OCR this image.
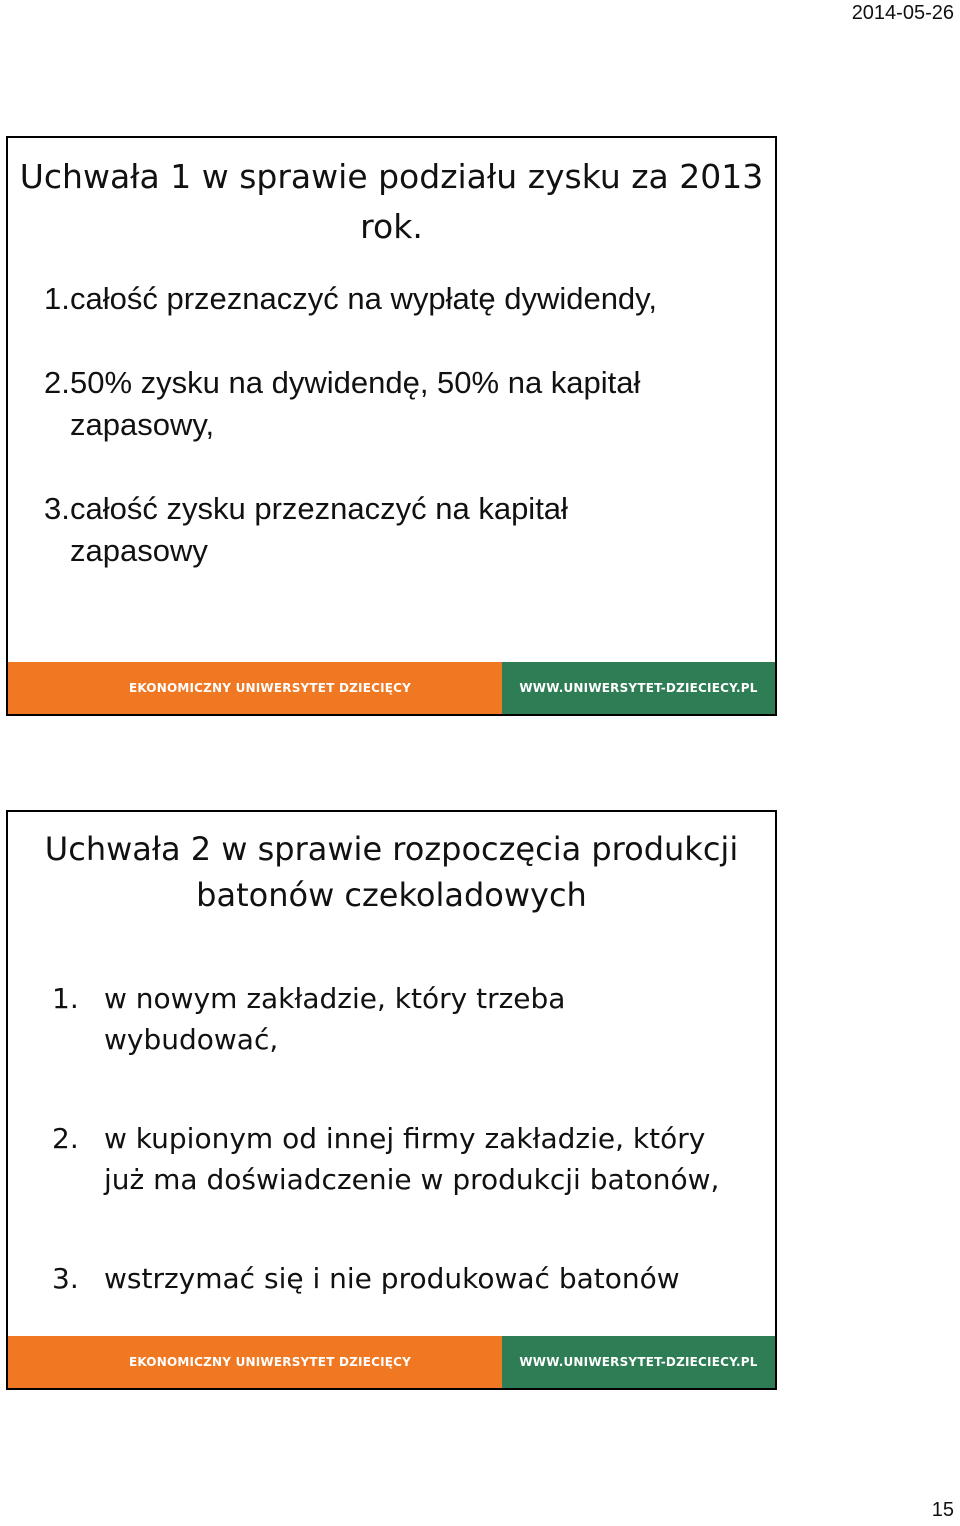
2014-05-26
Uchwała 1 w sprawie podziału zysku za 2013
rok.
1. całość przeznaczyć na wypłatę dywidendy,
2. 50% zysku na dywidendę, 50% na kapitał zapasowy,
3. całość zysku przeznaczyć na kapitał zapasowy
EKONOMICZNY UNIWERSYTET DZIECIĘCY	WWW.UNIWERSYTET-DZIECIECY.PL
Uchwała 2 w sprawie rozpoczęcia produkcji
batonów czekoladowych
1. w nowym zakładzie, który trzeba wybudować,
2. w kupionym od innej firmy zakładzie, który już ma doświadczenie w produkcji batonów,
3. wstrzymać się i nie produkować batonów
EKONOMICZNY UNIWERSYTET DZIECIĘCY	WWW.UNIWERSYTET-DZIECIECY.PL
15
